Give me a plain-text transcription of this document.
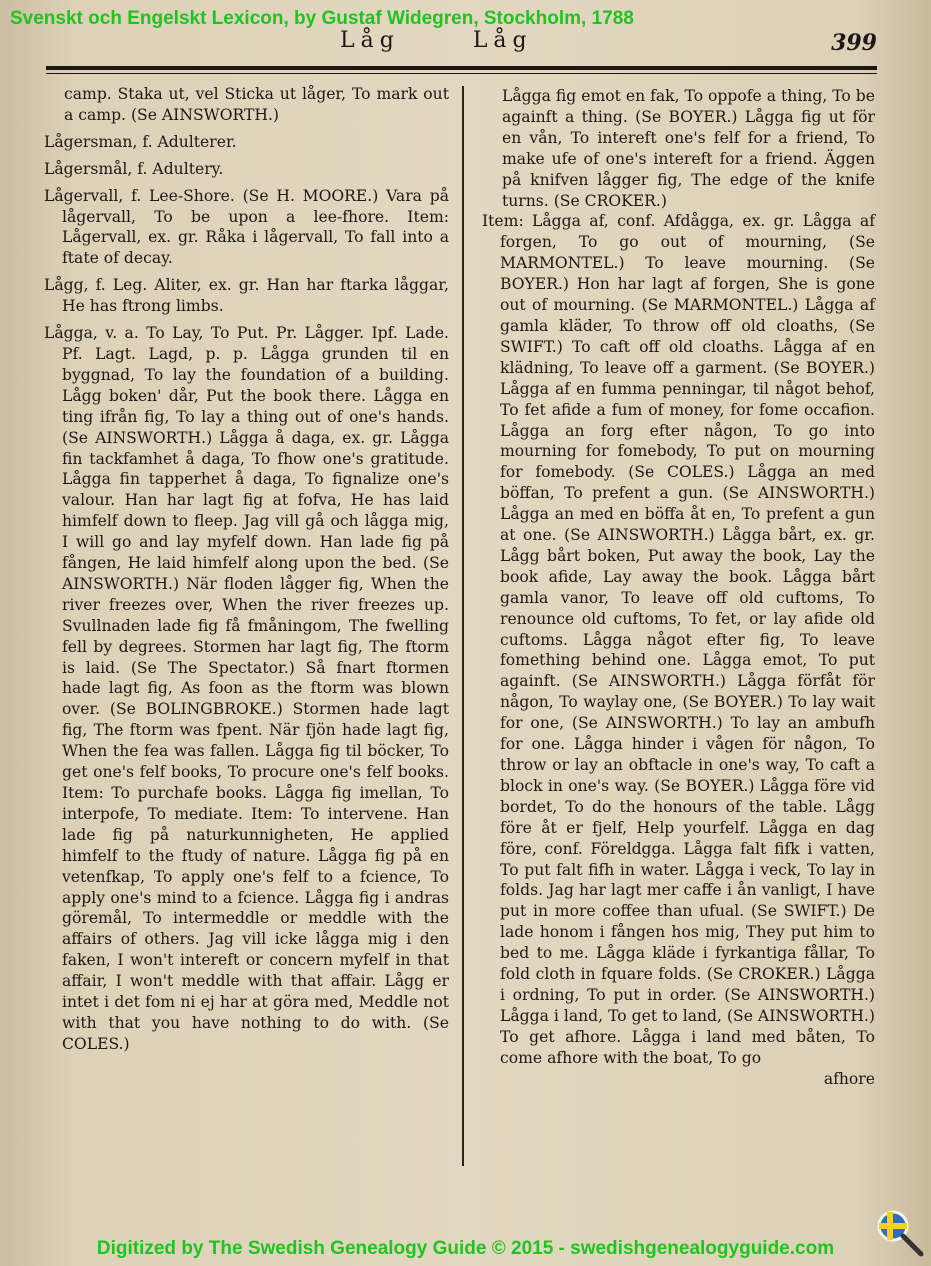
Svenskt och Engelskt Lexicon, by Gustaf Widegren, Stockholm, 1788
Låg	Låg	399

camp. Staka ut, vel Sticka ut låger, To mark out a camp. (Se AINSWORTH.)

Lågersman, f. Adulterer.

Lågersmål, f. Adultery.

Lågervall, f. Lee-Shore. (Se H. MOORE.) Vara på lågervall, To be upon a lee-fhore. Item: Lågervall, ex. gr. Råka i lågervall, To fall into a ftate of decay.

Lågg, f. Leg. Aliter, ex. gr. Han har ftarka låggar, He has ftrong limbs.

Lågga, v. a. To Lay, To Put. Pr. Lågger. Ipf. Lade. Pf. Lagt. Lagd, p. p. Lågga grunden til en byggnad, To lay the foundation of a building. Lågg boken' dår, Put the book there. Lågga en ting ifrån fig, To lay a thing out of one's hands. (Se AINSWORTH.) Lågga å daga, ex. gr. Lågga fin tackfamhet å daga, To fhow one's gratitude. Lågga fin tapperhet å daga, To fignalize one's valour. Han har lagt fig at fofva, He has laid himfelf down to fleep. Jag vill gå och lågga mig, I will go and lay myfelf down. Han lade fig på fången, He laid himfelf along upon the bed. (Se AINSWORTH.) När floden lågger fig, When the river freezes over, When the river freezes up. Svullnaden lade fig få fmåningom, The fwelling fell by degrees. Stormen har lagt fig, The ftorm is laid. (Se The Spectator.) Så fnart ftormen hade lagt fig, As foon as the ftorm was blown over. (Se BOLINGBROKE.) Stormen hade lagt fig, The ftorm was fpent. När fjön hade lagt fig, When the fea was fallen. Lågga fig til böcker, To get one's felf books, To procure one's felf books. Item: To purchafe books. Lågga fig imellan, To interpofe, To mediate. Item: To intervene. Han lade fig på naturkunnigheten, He applied himfelf to the ftudy of nature. Lågga fig på en vetenfkap, To apply one's felf to a fcience, To apply one's mind to a fcience. Lågga fig i andras göremål, To intermeddle or meddle with the affairs of others. Jag vill icke lågga mig i den faken, I won't intereft or concern myfelf in that affair, I won't meddle with that affair. Lågg er intet i det fom ni ej har at göra med, Meddle not with that you have nothing to do with. (Se COLES.)

Lågga fig emot en fak, To oppofe a thing, To be againft a thing. (Se BOYER.) Lågga fig ut för en vån, To intereft one's felf for a friend, To make ufe of one's intereft for a friend. Äggen på knifven lågger fig, The edge of the knife turns. (Se CROKER.)

Item: Lågga af, conf. Afdågga, ex. gr. Lågga af forgen, To go out of mourning, (Se MARMONTEL.) To leave mourning. (Se BOYER.) Hon har lagt af forgen, She is gone out of mourning. (Se MARMONTEL.) Lågga af gamla kläder, To throw off old cloaths, (Se SWIFT.) To caft off old cloaths. Lågga af en klädning, To leave off a garment. (Se BOYER.) Lågga af en fumma penningar, til något behof, To fet afide a fum of money, for fome occafion. Lågga an forg efter någon, To go into mourning for fomebody, To put on mourning for fomebody. (Se COLES.) Lågga an med böffan, To prefent a gun. (Se AINSWORTH.) Lågga an med en böffa åt en, To prefent a gun at one. (Se AINSWORTH.) Lågga bårt, ex. gr. Lågg bårt boken, Put away the book, Lay the book afide, Lay away the book. Lågga bårt gamla vanor, To leave off old cuftoms, To renounce old cuftoms, To fet, or lay afide old cuftoms. Lågga något efter fig, To leave fomething behind one. Lågga emot, To put againft. (Se AINSWORTH.) Lågga förfåt för någon, To waylay one, (Se BOYER.) To lay wait for one, (Se AINSWORTH.) To lay an ambufh for one. Lågga hinder i vågen för någon, To throw or lay an obftacle in one's way, To caft a block in one's way. (Se BOYER.) Lågga före vid bordet, To do the honours of the table. Lågg före åt er fjelf, Help yourfelf. Lågga en dag före, conf. Föreldgga. Lågga falt fifk i vatten, To put falt fifh in water. Lågga i veck, To lay in folds. Jag har lagt mer caffe i ån vanligt, I have put in more coffee than ufual. (Se SWIFT.) De lade honom i fången hos mig, They put him to bed to me. Lågga kläde i fyrkantiga fållar, To fold cloth in fquare folds. (Se CROKER.) Lågga i ordning, To put in order. (Se AINSWORTH.) Lågga i land, To get to land, (Se AINSWORTH.) To get afhore. Lågga i land med båten, To come afhore with the boat, To go

afhore

Digitized by The Swedish Genealogy Guide © 2015 - swedishgenealogyguide.com
